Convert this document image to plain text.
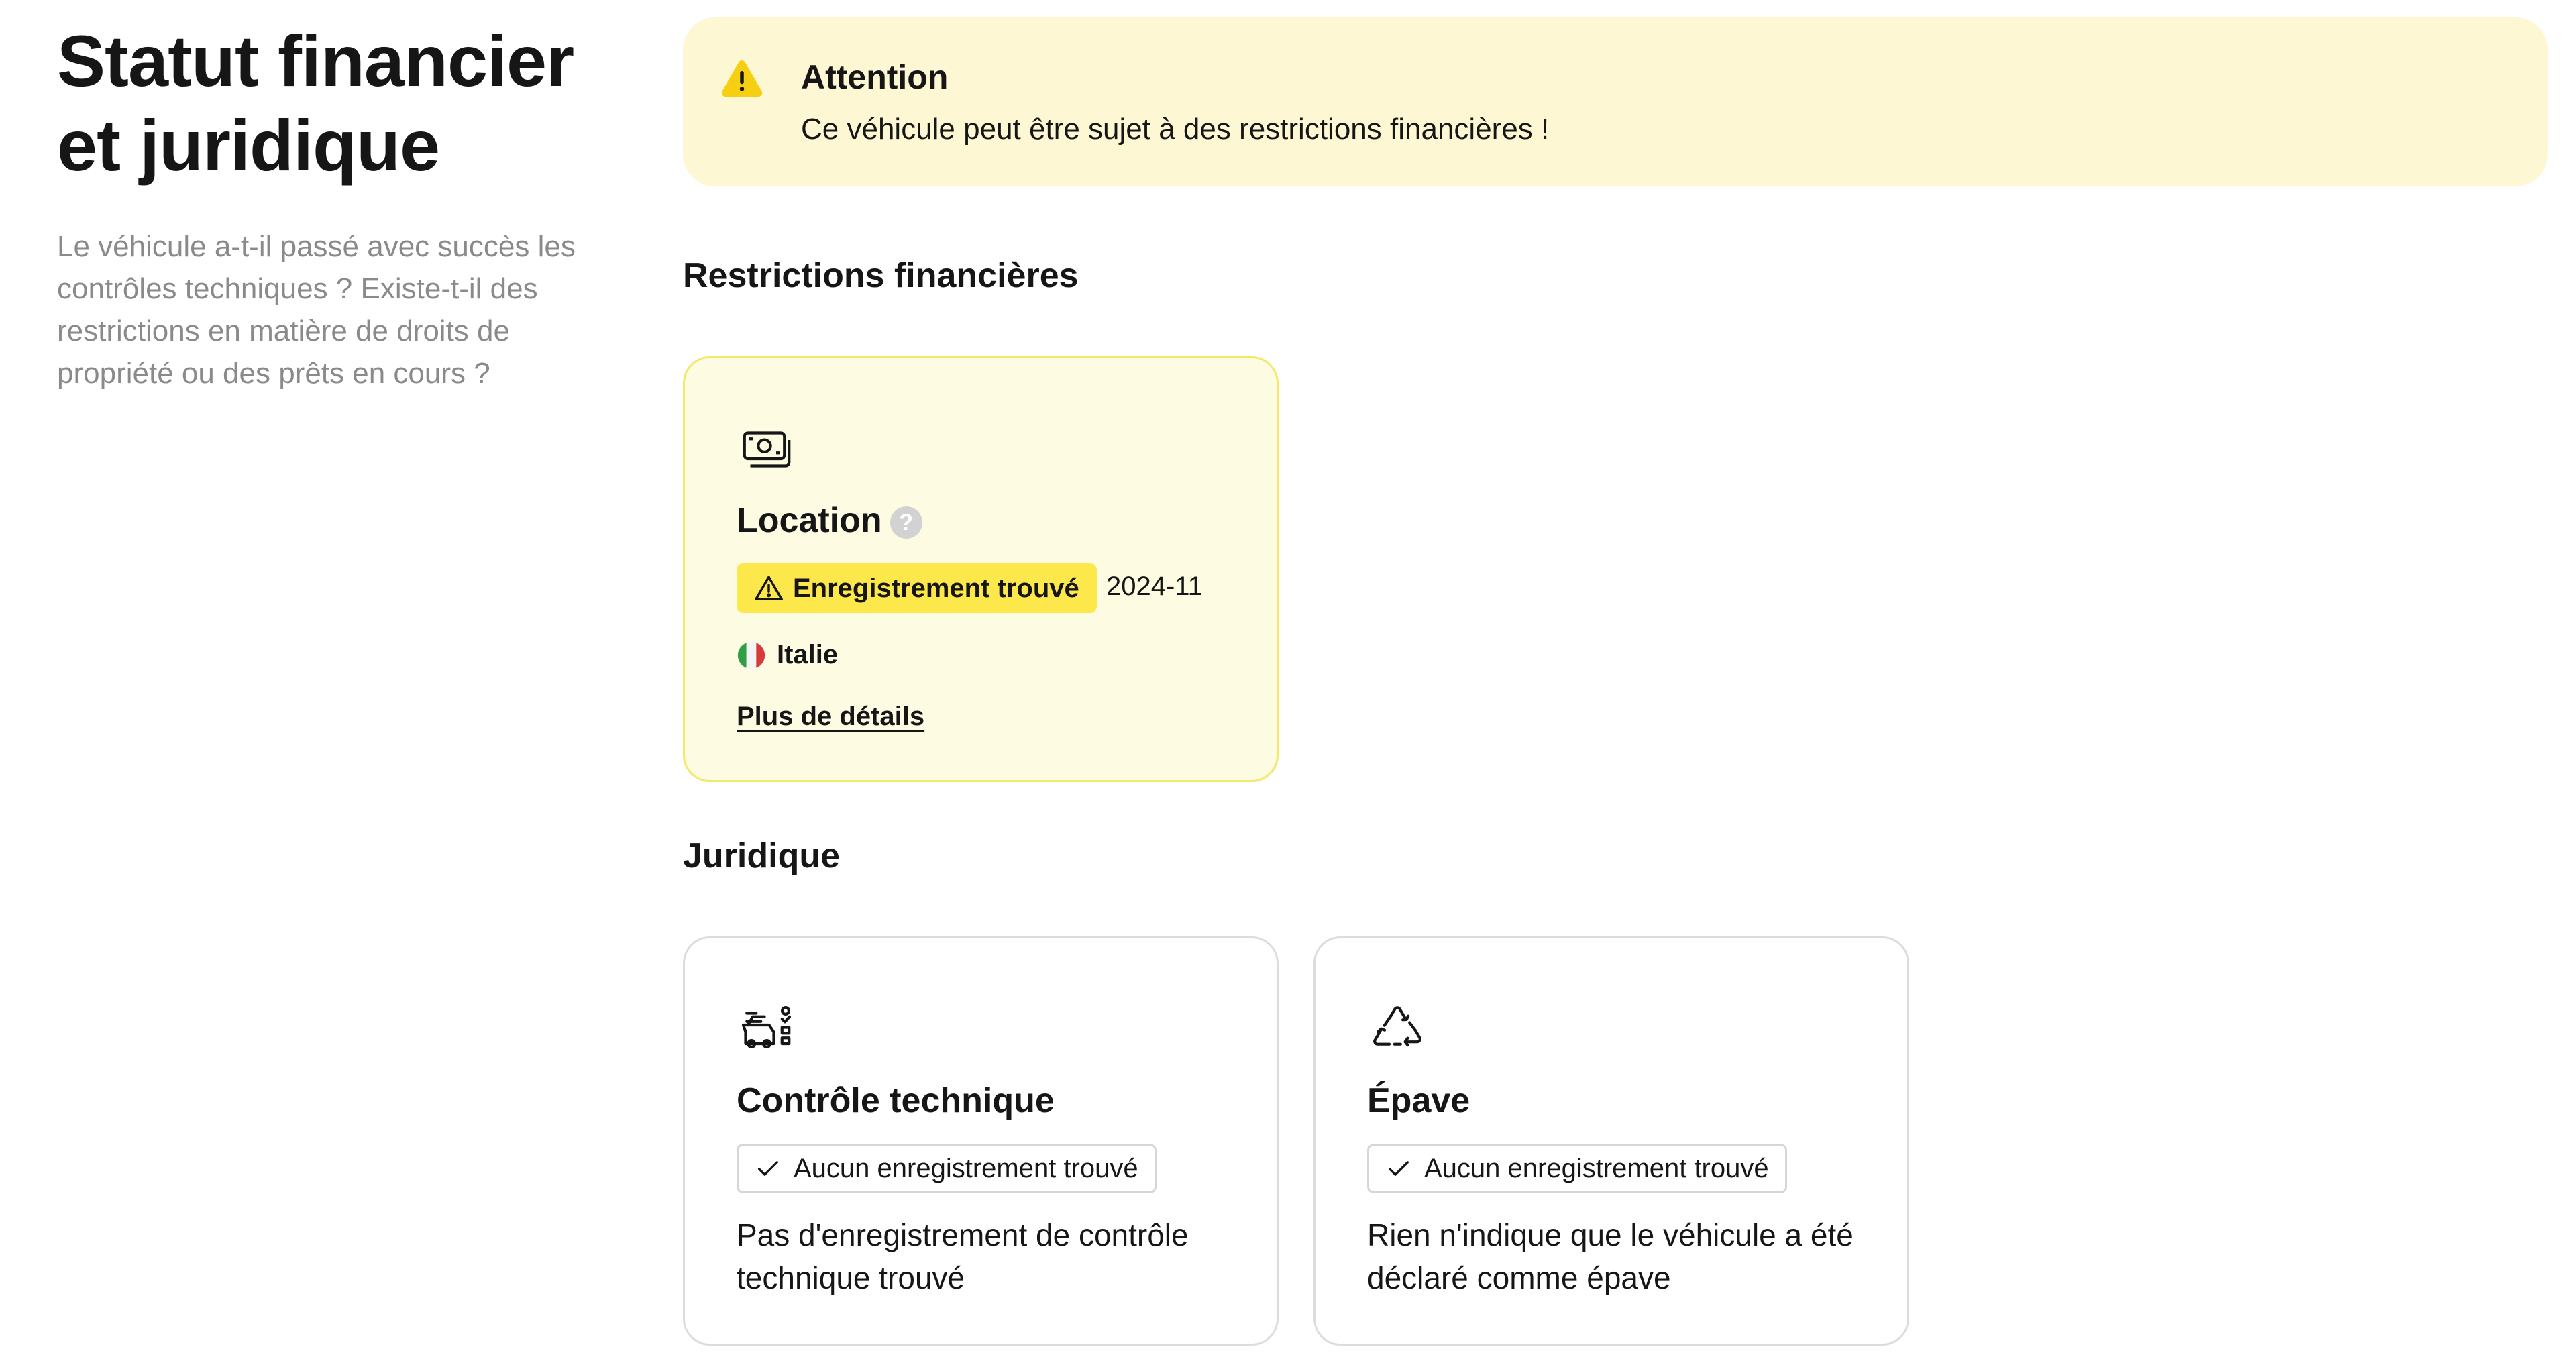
Statut financier
et juridique
Le véhicule a-t-il passé avec succès les contrôles techniques ? Existe-t-il des restrictions en matière de droits de propriété ou des prêts en cours ?
Attention
Ce véhicule peut être sujet à des restrictions financières !
Restrictions financières
Location ?
Enregistrement trouvé 2024-11
Italie
Plus de détails
Juridique
Contrôle technique
Aucun enregistrement trouvé
Pas d'enregistrement de contrôle technique trouvé
Épave
Aucun enregistrement trouvé
Rien n'indique que le véhicule a été déclaré comme épave
